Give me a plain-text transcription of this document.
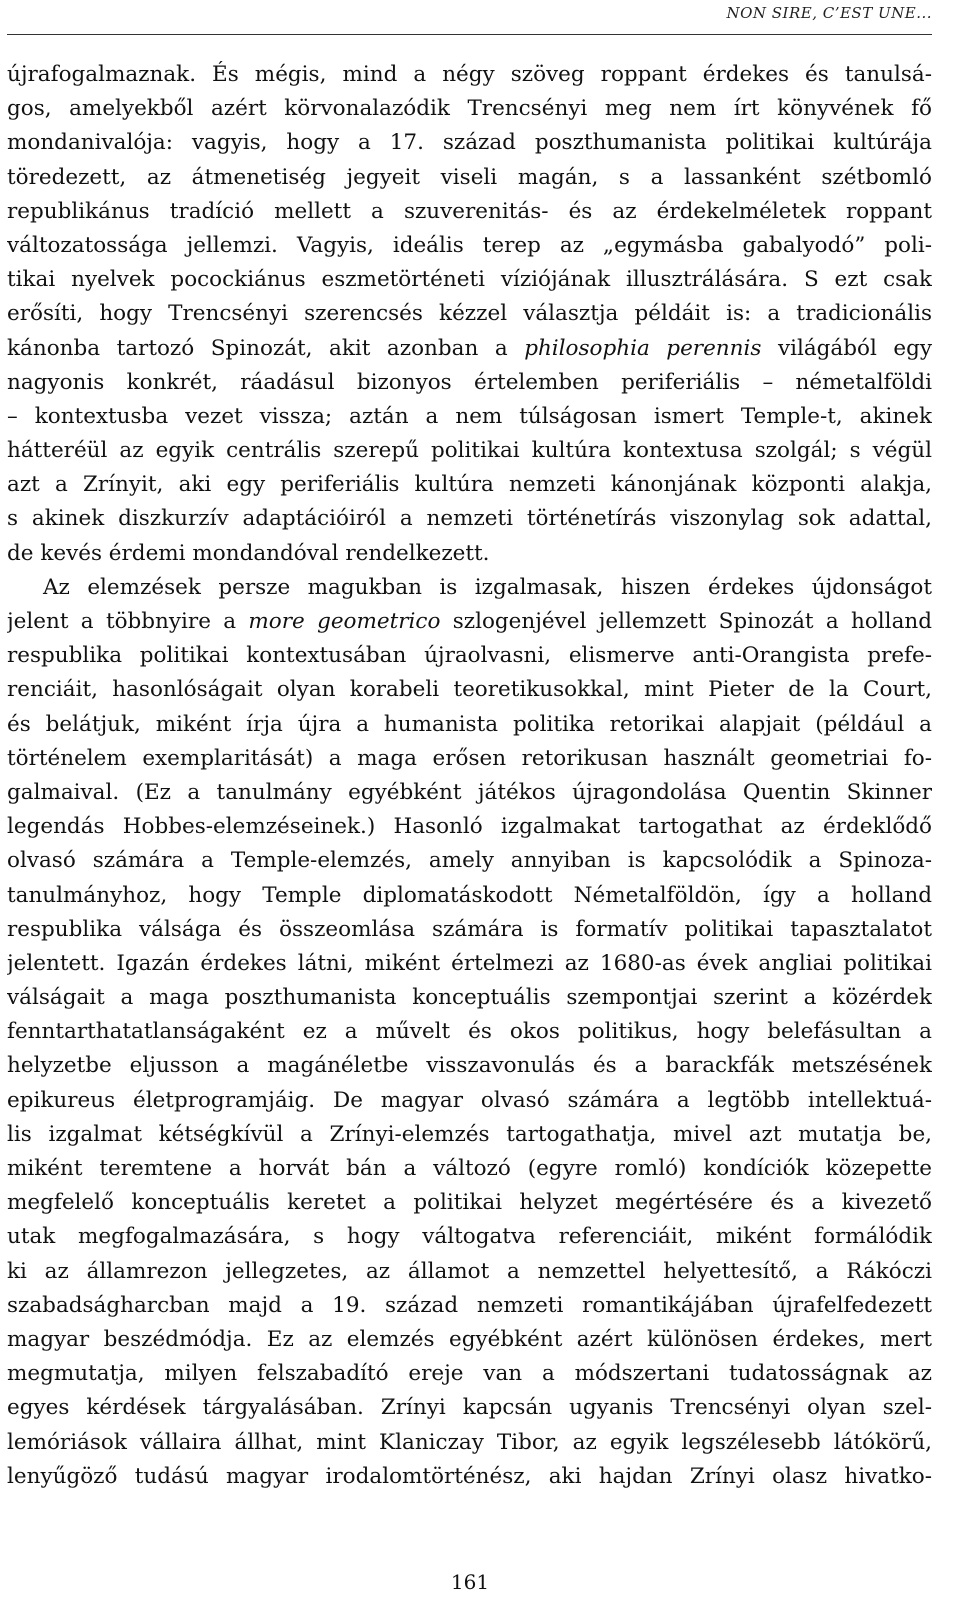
NON SIRE, C’EST UNE...
újrafogalmaznak. És mégis, mind a négy szöveg roppant érdekes és tanulsá-
gos, amelyekből azért körvonalazódik Trencsényi meg nem írt könyvének fő
mondanivalója: vagyis, hogy a 17. század poszthumanista politikai kultúrája
töredezett, az átmenetiség jegyeit viseli magán, s a lassanként szétbomló
republikánus tradíció mellett a szuverenitás- és az érdekelméletek roppant
változatossága jellemzi. Vagyis, ideális terep az „egymásba gabalyodó” poli-
tikai nyelvek pocockiánus eszmetörténeti víziójának illusztrálására. S ezt csak
erősíti, hogy Trencsényi szerencsés kézzel választja példáit is: a tradicionális
kánonba tartozó Spinozát, akit azonban a philosophia perennis világából egy
nagyonis konkrét, ráadásul bizonyos értelemben periferiális – németalföldi
– kontextusba vezet vissza; aztán a nem túlságosan ismert Temple-t, akinek
hátteréül az egyik centrális szerepű politikai kultúra kontextusa szolgál; s végül
azt a Zrínyit, aki egy periferiális kultúra nemzeti kánonjának központi alakja,
s akinek diszkurzív adaptációiról a nemzeti történetírás viszonylag sok adattal,
de kevés érdemi mondandóval rendelkezett.
Az elemzések persze magukban is izgalmasak, hiszen érdekes újdonságot
jelent a többnyire a more geometrico szlogenjével jellemzett Spinozát a holland
respublika politikai kontextusában újraolvasni, elismerve anti-Orangista prefe-
renciáit, hasonlóságait olyan korabeli teoretikusokkal, mint Pieter de la Court,
és belátjuk, miként írja újra a humanista politika retorikai alapjait (például a
történelem exemplaritását) a maga erősen retorikusan használt geometriai fo-
galmaival. (Ez a tanulmány egyébként játékos újragondolása Quentin Skinner
legendás Hobbes-elemzéseinek.) Hasonló izgalmakat tartogathat az érdeklődő
olvasó számára a Temple-elemzés, amely annyiban is kapcsolódik a Spinoza-
tanulmányhoz, hogy Temple diplomatáskodott Németalföldön, így a holland
respublika válsága és összeomlása számára is formatív politikai tapasztalatot
jelentett. Igazán érdekes látni, miként értelmezi az 1680-as évek angliai politikai
válságait a maga poszthumanista konceptuális szempontjai szerint a közérdek
fenntarthatatlanságaként ez a művelt és okos politikus, hogy belefásultan a
helyzetbe eljusson a magánéletbe visszavonulás és a barackfák metszésének
epikureus életprogramjáig. De magyar olvasó számára a legtöbb intellektuá-
lis izgalmat kétségkívül a Zrínyi-elemzés tartogathatja, mivel azt mutatja be,
miként teremtene a horvát bán a változó (egyre romló) kondíciók közepette
megfelelő konceptuális keretet a politikai helyzet megértésére és a kivezető
utak megfogalmazására, s hogy váltogatva referenciáit, miként formálódik
ki az államrezon jellegzetes, az államot a nemzettel helyettesítő, a Rákóczi
szabadságharcban majd a 19. század nemzeti romantikájában újrafelfedezett
magyar beszédmódja. Ez az elemzés egyébként azért különösen érdekes, mert
megmutatja, milyen felszabadító ereje van a módszertani tudatosságnak az
egyes kérdések tárgyalásában. Zrínyi kapcsán ugyanis Trencsényi olyan szel-
lemóriások vállaira állhat, mint Klaniczay Tibor, az egyik legszélesebb látókörű,
lenyűgöző tudású magyar irodalomtörténész, aki hajdan Zrínyi olasz hivatko-
161
